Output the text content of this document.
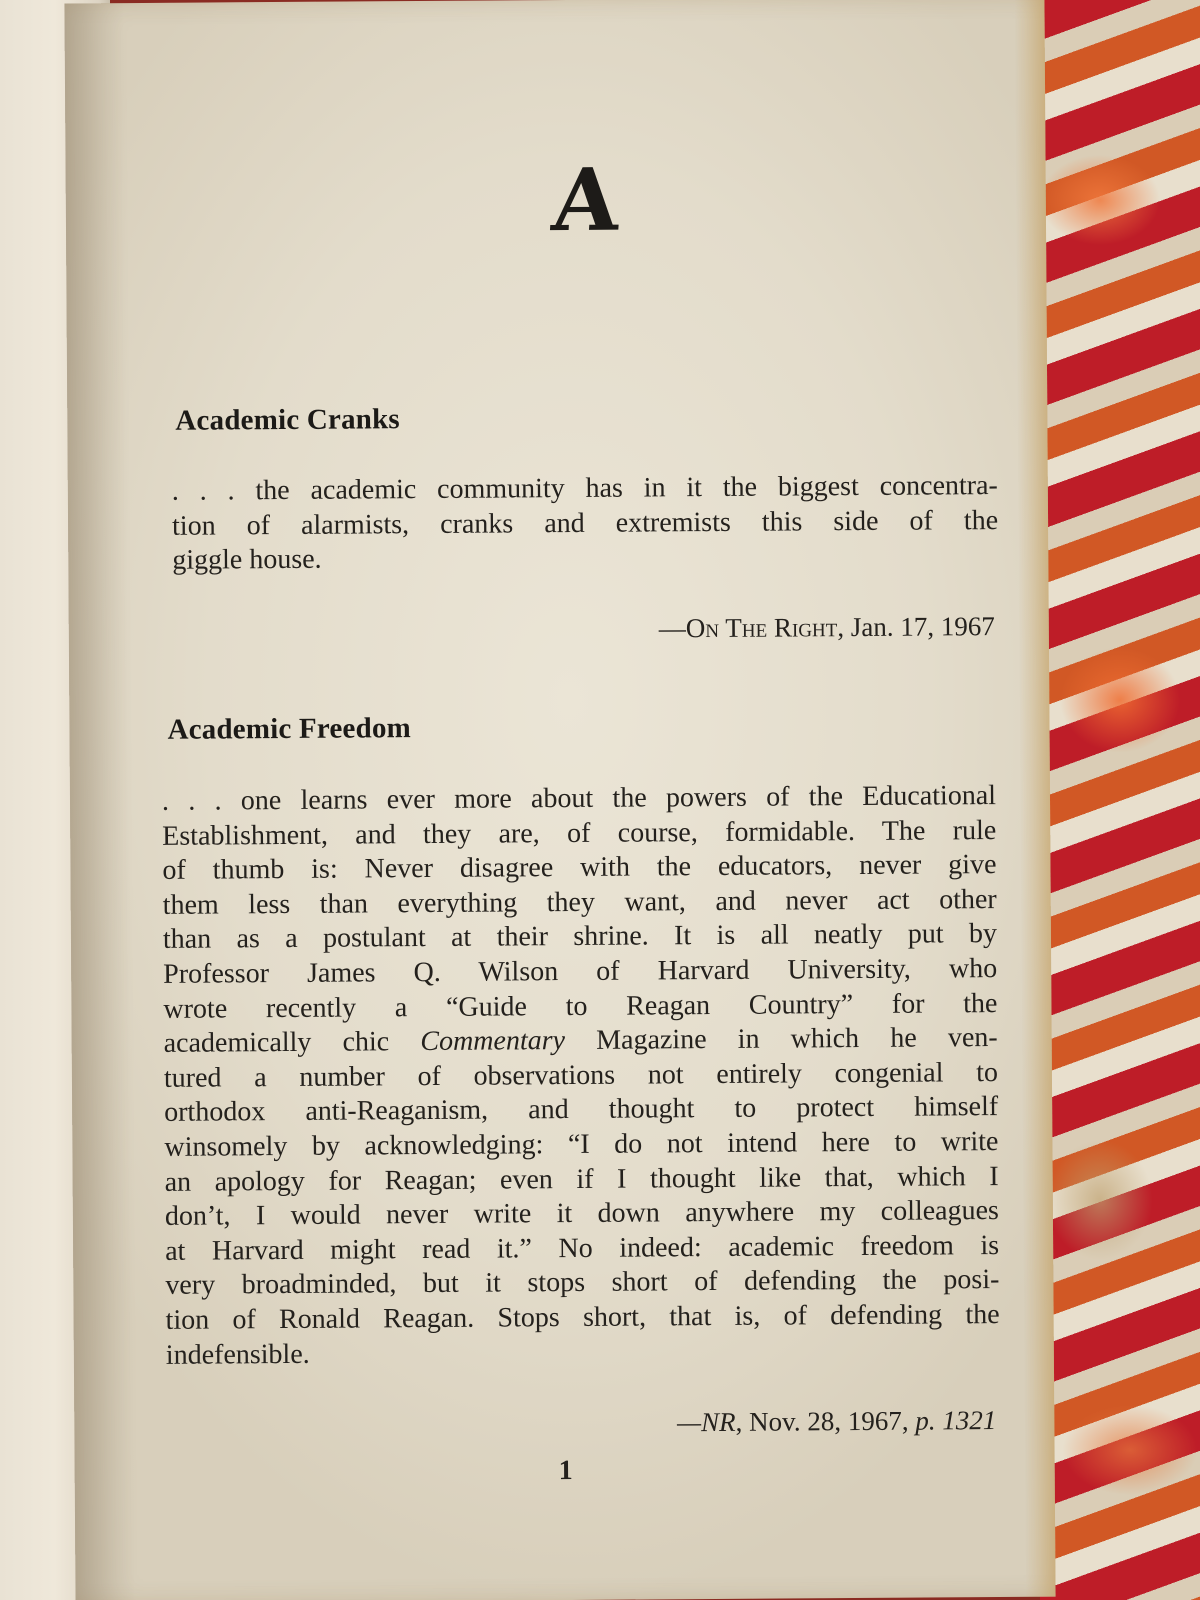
A
Academic Cranks
. . . the academic community has in it the biggest concentra-
tion of alarmists, cranks and extremists this side of the
giggle house.
—On The Right, Jan. 17, 1967
Academic Freedom
. . . one learns ever more about the powers of the Educational
Establishment, and they are, of course, formidable. The rule
of thumb is: Never disagree with the educators, never give
them less than everything they want, and never act other
than as a postulant at their shrine. It is all neatly put by
Professor James Q. Wilson of Harvard University, who
wrote recently a “Guide to Reagan Country” for the
academically chic Commentary Magazine in which he ven-
tured a number of observations not entirely congenial to
orthodox anti-Reaganism, and thought to protect himself
winsomely by acknowledging: “I do not intend here to write
an apology for Reagan; even if I thought like that, which I
don’t, I would never write it down anywhere my colleagues
at Harvard might read it.” No indeed: academic freedom is
very broadminded, but it stops short of defending the posi-
tion of Ronald Reagan. Stops short, that is, of defending the
indefensible.
—NR, Nov. 28, 1967, p. 1321
1
